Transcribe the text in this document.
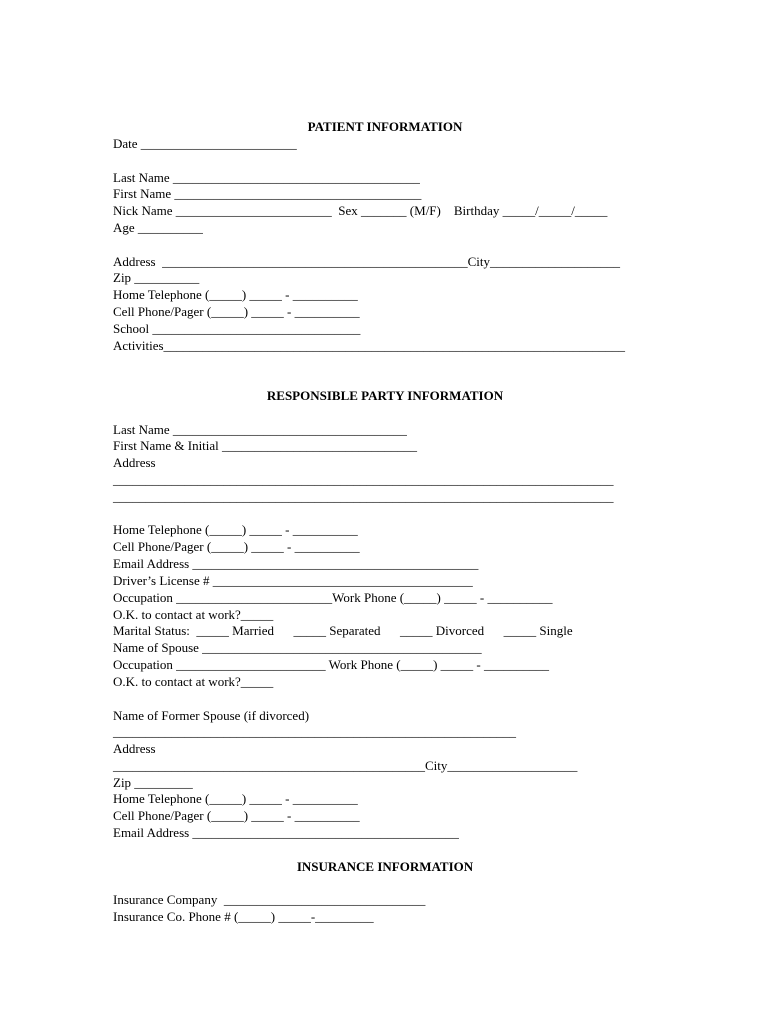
PATIENT INFORMATION
Date ________________________
Last Name ______________________________________
First Name ______________________________________
Nick Name ________________________  Sex _______ (M/F)    Birthday _____/_____/_____
Age __________
Address  _______________________________________________City____________________
Zip __________
Home Telephone (_____) _____ - __________
Cell Phone/Pager (_____) _____ - __________
School ________________________________
Activities_______________________________________________________________________
RESPONSIBLE PARTY INFORMATION
Last Name ____________________________________
First Name & Initial ______________________________
Address
_____________________________________________________________________________
_____________________________________________________________________________
Home Telephone (_____) _____ - __________
Cell Phone/Pager (_____) _____ - __________
Email Address ____________________________________________
Driver’s License # ________________________________________
Occupation ________________________Work Phone (_____) _____ - __________
O.K. to contact at work?_____
Marital Status:  _____ Married      _____ Separated      _____ Divorced      _____ Single
Name of Spouse ___________________________________________
Occupation _______________________ Work Phone (_____) _____ - __________
O.K. to contact at work?_____
Name of Former Spouse (if divorced)
______________________________________________________________
Address
________________________________________________City____________________
Zip _________
Home Telephone (_____) _____ - __________
Cell Phone/Pager (_____) _____ - __________
Email Address _________________________________________
INSURANCE INFORMATION
Insurance Company  _______________________________
Insurance Co. Phone # (_____) _____-_________
